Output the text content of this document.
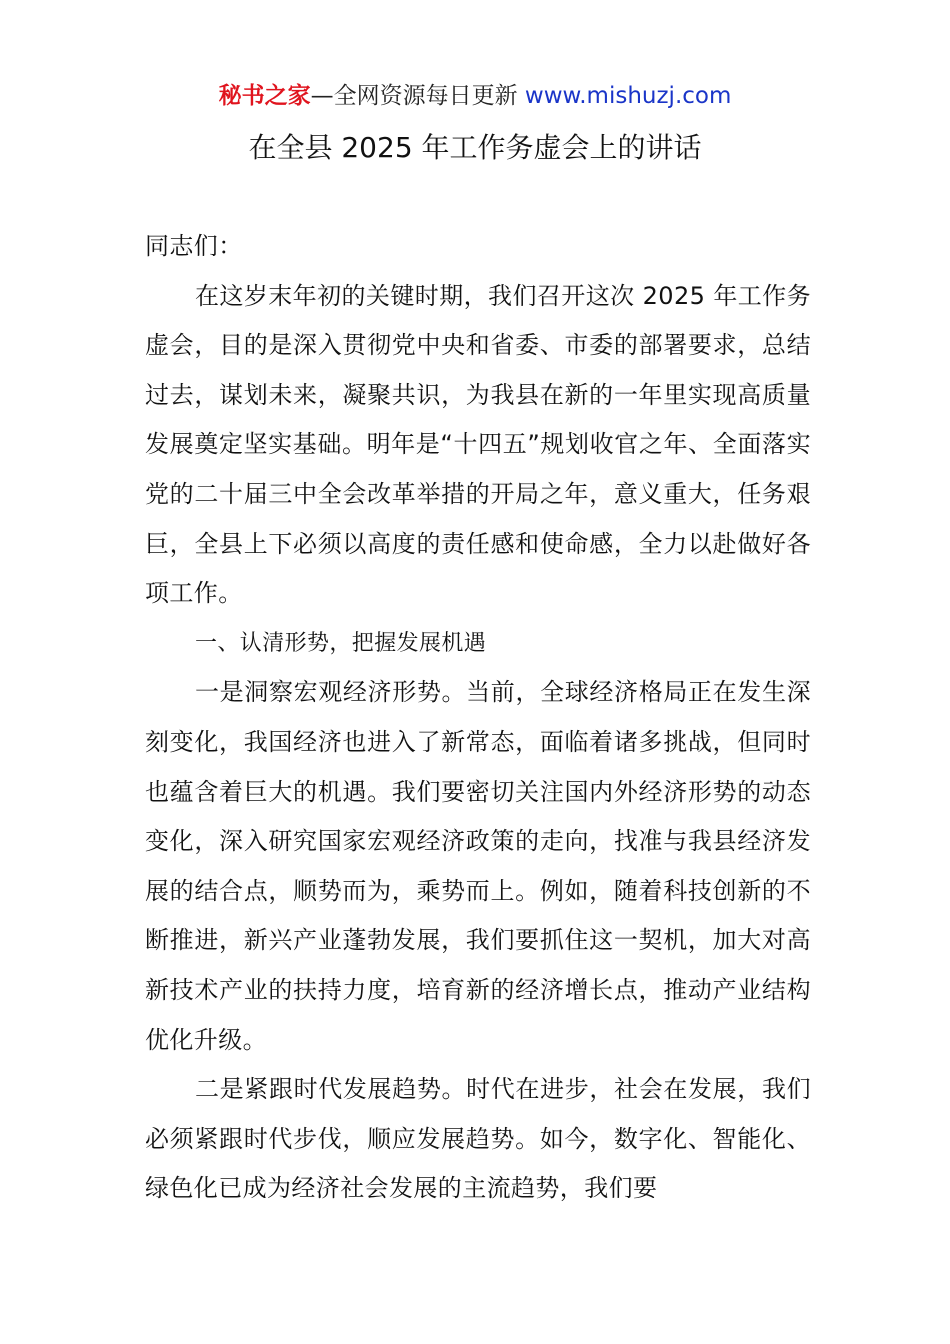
秘书之家—全网资源每日更新 www.mishuzj.com
在全县 2025 年工作务虚会上的讲话

同志们：

在这岁末年初的关键时期，我们召开这次 2025 年工作务虚会，目的是深入贯彻党中央和省委、市委的部署要求，总结过去，谋划未来，凝聚共识，为我县在新的一年里实现高质量发展奠定坚实基础。明年是“十四五”规划收官之年、全面落实党的二十届三中全会改革举措的开局之年，意义重大，任务艰巨，全县上下必须以高度的责任感和使命感，全力以赴做好各项工作。

一、认清形势，把握发展机遇

一是洞察宏观经济形势。当前，全球经济格局正在发生深刻变化，我国经济也进入了新常态，面临着诸多挑战，但同时也蕴含着巨大的机遇。我们要密切关注国内外经济形势的动态变化，深入研究国家宏观经济政策的走向，找准与我县经济发展的结合点，顺势而为，乘势而上。例如，随着科技创新的不断推进，新兴产业蓬勃发展，我们要抓住这一契机，加大对高新技术产业的扶持力度，培育新的经济增长点，推动产业结构优化升级。

二是紧跟时代发展趋势。时代在进步，社会在发展，我们必须紧跟时代步伐，顺应发展趋势。如今，数字化、智能化、绿色化已成为经济社会发展的主流趋势，我们要
